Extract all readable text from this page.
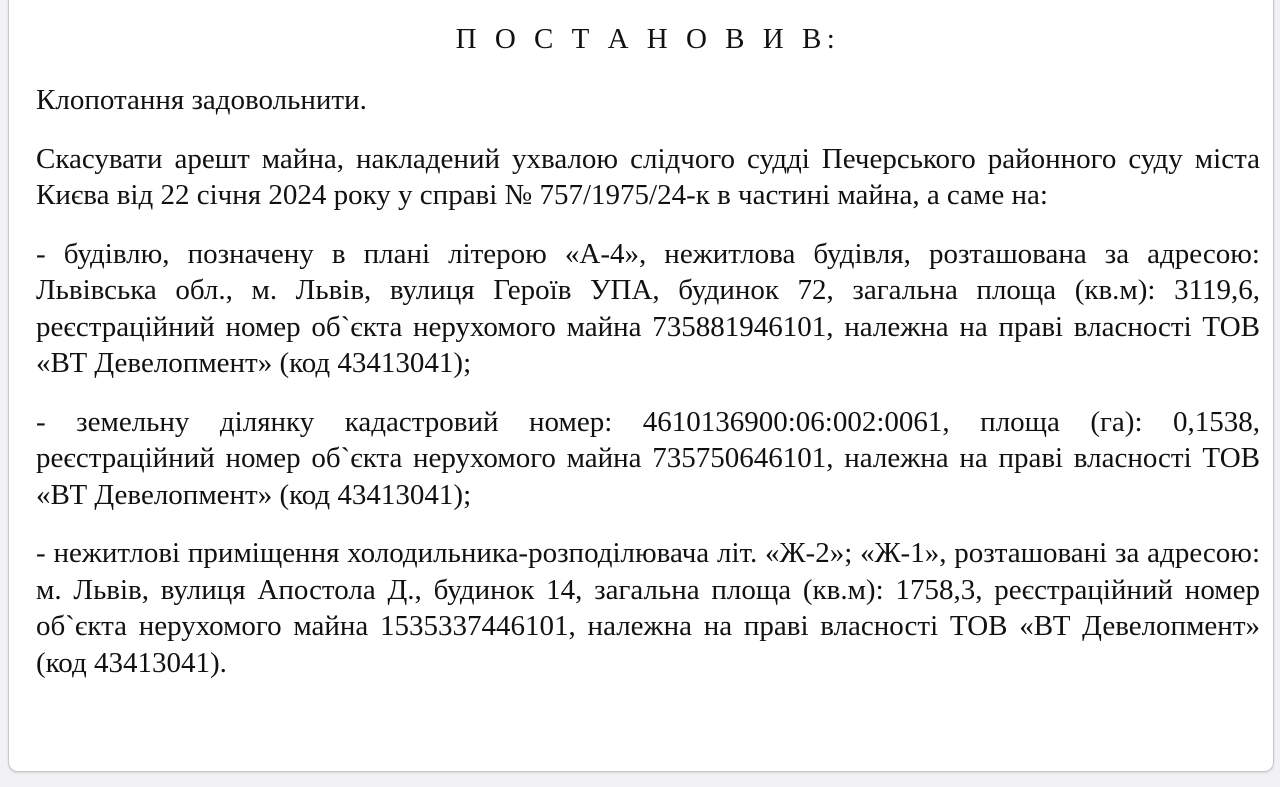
П О С Т А Н О В И В:

Клопотання задовольнити.

Скасувати арешт майна, накладений ухвалою слідчого судді Печерського районного суду міста Києва від 22 січня 2024 року у справі № 757/1975/24-к в частині майна, а саме на:

- будівлю, позначену в плані літерою «А-4», нежитлова будівля, розташована за адресою: Львівська обл., м. Львів, вулиця Героїв УПА, будинок 72, загальна площа (кв.м): 3119,6, реєстраційний номер об`єкта нерухомого майна 735881946101, належна на праві власності ТОВ «ВТ Девелопмент» (код 43413041);

- земельну ділянку кадастровий номер: 4610136900:06:002:0061, площа (га): 0,1538, реєстраційний номер об`єкта нерухомого майна 735750646101, належна на праві власності ТОВ «ВТ Девелопмент» (код 43413041);

- нежитлові приміщення холодильника-розподілювача літ. «Ж-2»; «Ж-1», розташовані за адресою: м. Львів, вулиця Апостола Д., будинок 14, загальна площа (кв.м): 1758,3, реєстраційний номер об`єкта нерухомого майна 1535337446101, належна на праві власності ТОВ «ВТ Девелопмент» (код 43413041).
